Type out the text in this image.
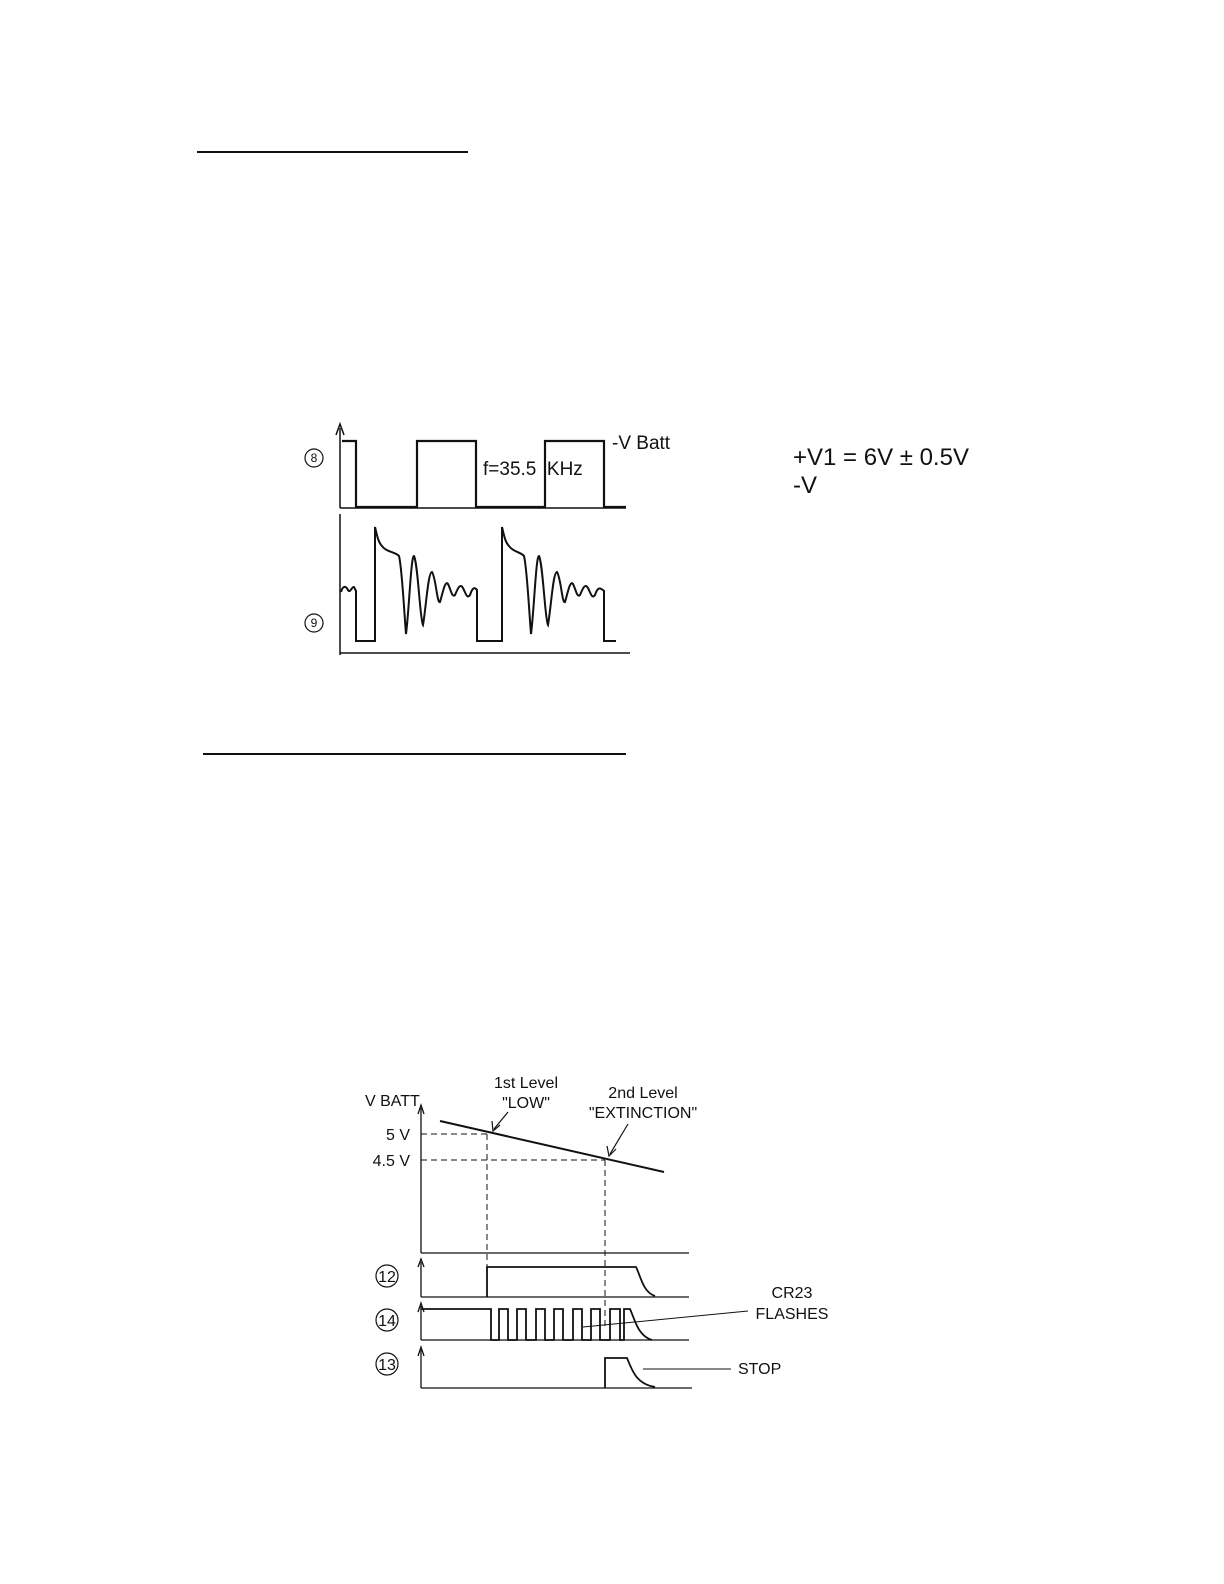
+V1 = 6V ± 0.5V
-V
8
9
-V Batt
f=35.5  KHz
V BATT
5 V
4.5 V
1st Level
"LOW"
2nd Level
"EXTINCTION"
12
14
CR23
FLASHES
13	STOP
